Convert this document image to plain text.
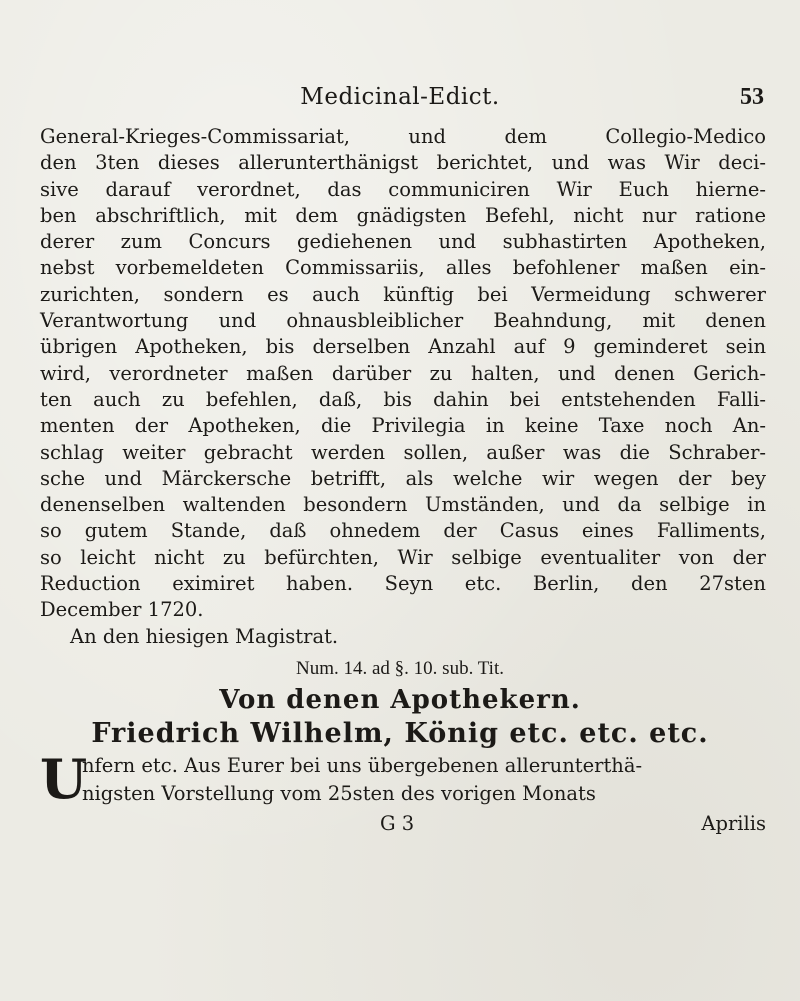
Medicinal-Edict.	53
General-Krieges-Commissariat, und dem Collegio-Medico
den 3ten dieses allerunterthänigst berichtet, und was Wir deci-
sive darauf verordnet, das communiciren Wir Euch hierne-
ben abschriftlich, mit dem gnädigsten Befehl, nicht nur ratione
derer zum Concurs gediehenen und subhastirten Apotheken,
nebst vorbemeldeten Commissariis, alles befohlener maßen ein-
zurichten, sondern es auch künftig bei Vermeidung schwerer
Verantwortung und ohnausbleiblicher Beahndung, mit denen
übrigen Apotheken, bis derselben Anzahl auf 9 geminderet sein
wird, verordneter maßen darüber zu halten, und denen Gerich-
ten auch zu befehlen, daß, bis dahin bei entstehenden Falli-
menten der Apotheken, die Privilegia in keine Taxe noch An-
schlag weiter gebracht werden sollen, außer was die Schraber-
sche und Märckersche betrifft, als welche wir wegen der bey
denenselben waltenden besondern Umständen, und da selbige in
so gutem Stande, daß ohnedem der Casus eines Falliments,
so leicht nicht zu befürchten, Wir selbige eventualiter von der
Reduction eximiret haben. Seyn etc. Berlin, den 27sten
December 1720.
An den hiesigen Magistrat.
Num. 14. ad §. 10. sub. Tit.
Von denen Apothekern.
Friedrich Wilhelm, König etc. etc. etc.
U
nfern etc. Aus Eurer bei uns übergebenen allerunterthä-
nigsten Vorstellung vom 25sten des vorigen Monats
G 3	Aprilis
